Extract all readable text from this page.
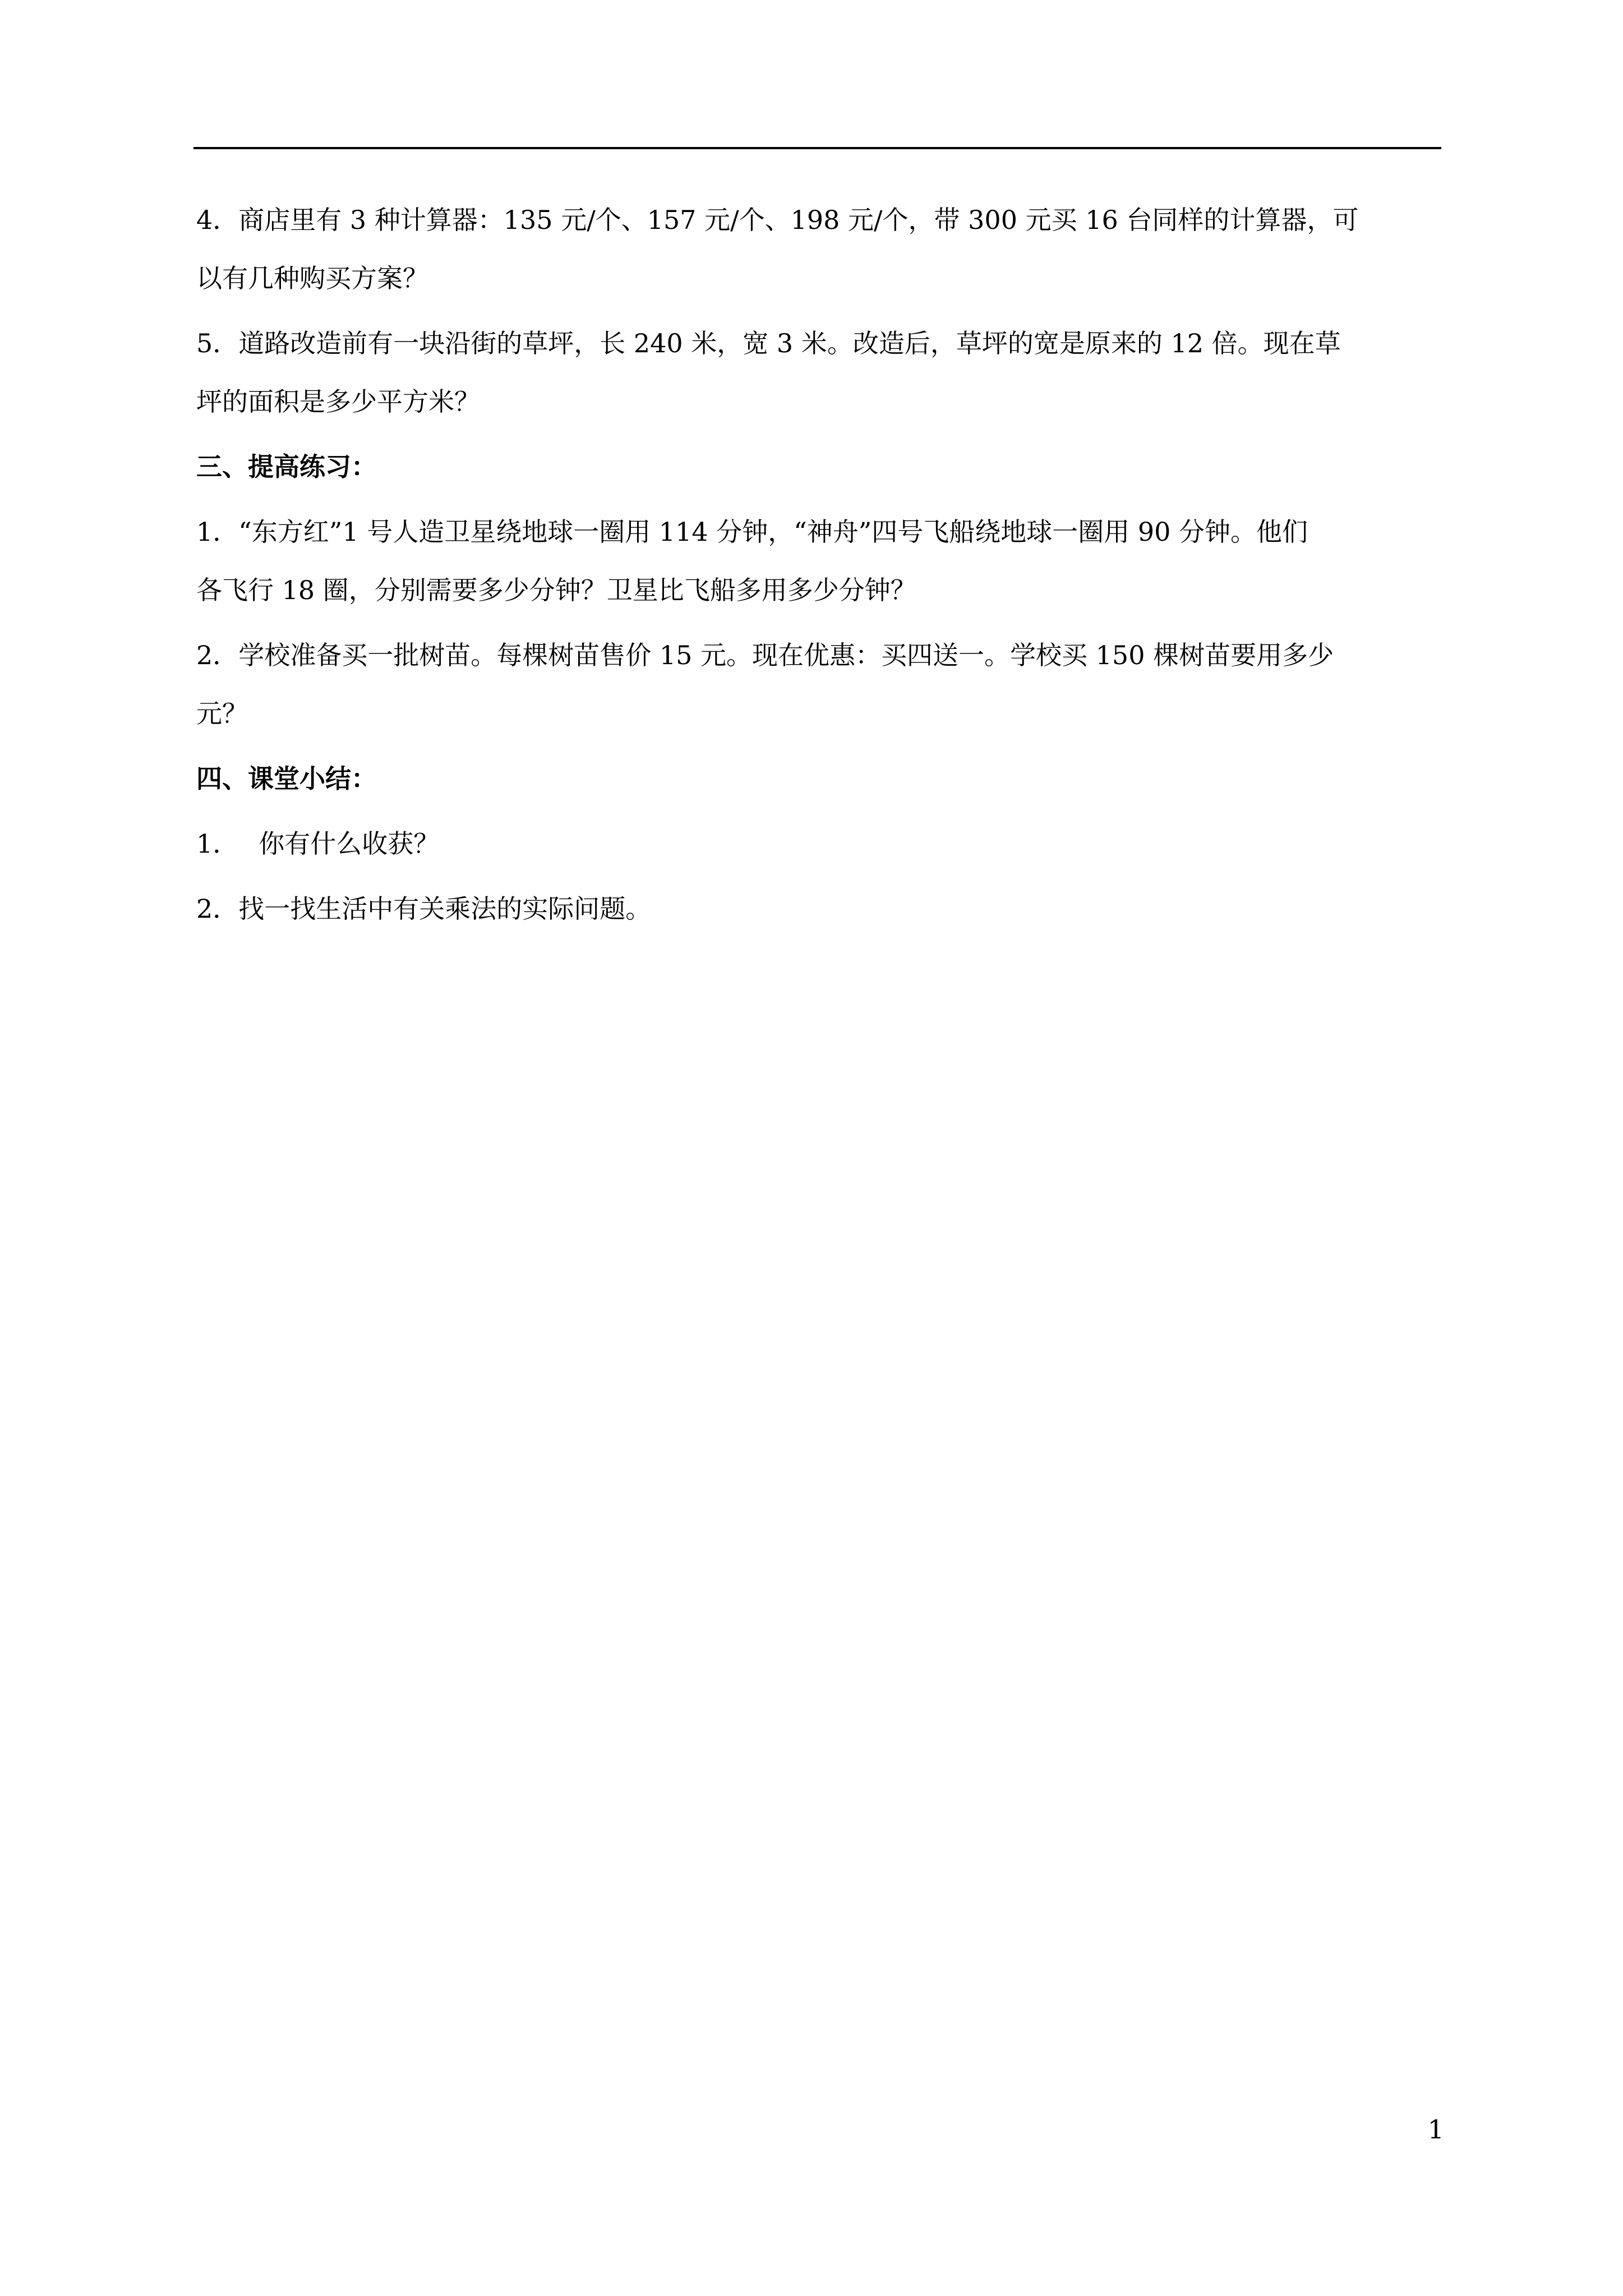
4．商店里有 3 种计算器：135 元/个、157 元/个、198 元/个，带 300 元买 16 台同样的计算器，可
以有几种购买方案？
5．道路改造前有一块沿街的草坪，长 240 米，宽 3 米。改造后，草坪的宽是原来的 12 倍。现在草
坪的面积是多少平方米？
三、提高练习：
1．“东方红”1 号人造卫星绕地球一圈用 114 分钟，“神舟”四号飞船绕地球一圈用 90 分钟。他们
各飞行 18 圈，分别需要多少分钟？卫星比飞船多用多少分钟？
2．学校准备买一批树苗。每棵树苗售价 15 元。现在优惠：买四送一。学校买 150 棵树苗要用多少
元？
四、课堂小结：
1． 你有什么收获？
2．找一找生活中有关乘法的实际问题。
1
